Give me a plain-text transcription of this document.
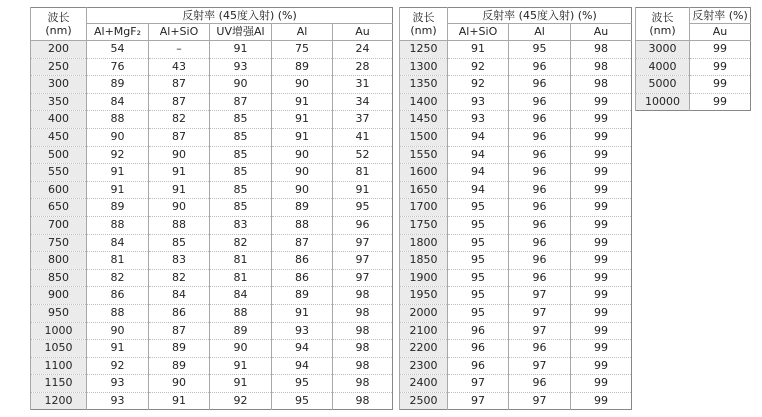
波长
(nm)	反射率 (45度入射) (%)				
	Al+MgF₂	Al+SiO	UV增强Al	Al	Au
200	54	–	91	75	24
250	76	43	93	89	28
300	89	87	90	90	31
350	84	87	87	91	34
400	88	82	85	91	37
450	90	87	85	91	41
500	92	90	85	90	52
550	91	91	85	90	81
600	91	91	85	90	91
650	89	90	85	89	95
700	88	88	83	88	96
750	84	85	82	87	97
800	81	83	81	86	97
850	82	82	81	86	97
900	86	84	84	89	98
950	88	86	88	91	98
1000	90	87	89	93	98
1050	91	89	90	94	98
1100	92	89	91	94	98
1150	93	90	91	95	98
1200	93	91	92	95	98
波长
(nm)	反射率 (45度入射) (%)		
	Al+SiO	Al	Au
1250	91	95	98
1300	92	96	98
1350	92	96	98
1400	93	96	99
1450	93	96	99
1500	94	96	99
1550	94	96	99
1600	94	96	99
1650	94	96	99
1700	95	96	99
1750	95	96	99
1800	95	96	99
1850	95	96	99
1900	95	96	99
1950	95	97	99
2000	95	97	99
2100	96	97	99
2200	96	96	99
2300	96	97	99
2400	97	96	99
2500	97	97	99
波长
(nm)	反射率 (%)
	Au
3000	99
4000	99
5000	99
10000	99
